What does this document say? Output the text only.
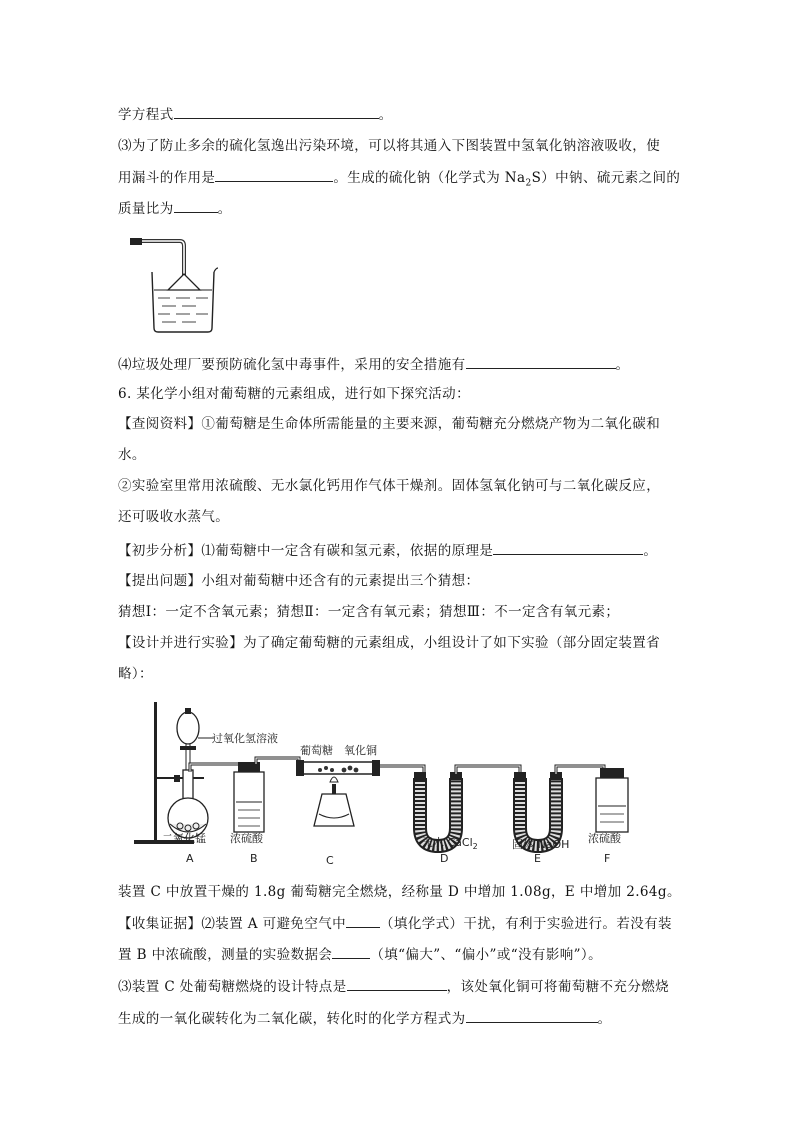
学方程式	。
⑶为了防止多余的硫化氢逸出污染环境，可以将其通入下图装置中氢氧化钠溶液吸收，使
用漏斗的作用是	。生成的硫化钠（化学式为 $Na_2S$）中钠、硫元素之间的
质量比为	。
⑷垃圾处理厂要预防硫化氢中毒事件，采用的安全措施有	。
6. 某化学小组对葡萄糖的元素组成，进行如下探究活动：
【查阅资料】①葡萄糖是生命体所需能量的主要来源，葡萄糖充分燃烧产物为二氧化碳和
水。
②实验室里常用浓硫酸、无水氯化钙用作气体干燥剂。固体氢氧化钠可与二氧化碳反应，
还可吸收水蒸气。
【初步分析】⑴葡萄糖中一定含有碳和氢元素，依据的原理是	。
【提出问题】小组对葡萄糖中还含有的元素提出三个猜想：
猜想Ⅰ：一定不含氧元素；猜想Ⅱ：一定含有氧元素；猜想Ⅲ：不一定含有氧元素；
【设计并进行实验】为了确定葡萄糖的元素组成，小组设计了如下实验（部分固定装置省
略）：
过氧化氢溶液
葡萄糖 氧化铜
二氧化锰 浓硫酸	无水 CaCl$_2$	固体 NaOH 浓硫酸
A	B	C	D	E	F
装置 C 中放置干燥的 1.8g 葡萄糖完全燃烧，经称量 D 中增加 1.08g，E 中增加 2.64g。
【收集证据】⑵装置 A 可避免空气中	（填化学式）干扰，有利于实验进行。若没有装
置 B 中浓硫酸，测量的实验数据会	（填“偏大”、“偏小”或“没有影响”）。
⑶装置 C 处葡萄糖燃烧的设计特点是	，该处氧化铜可将葡萄糖不充分燃烧
生成的一氧化碳转化为二氧化碳，转化时的化学方程式为	。
